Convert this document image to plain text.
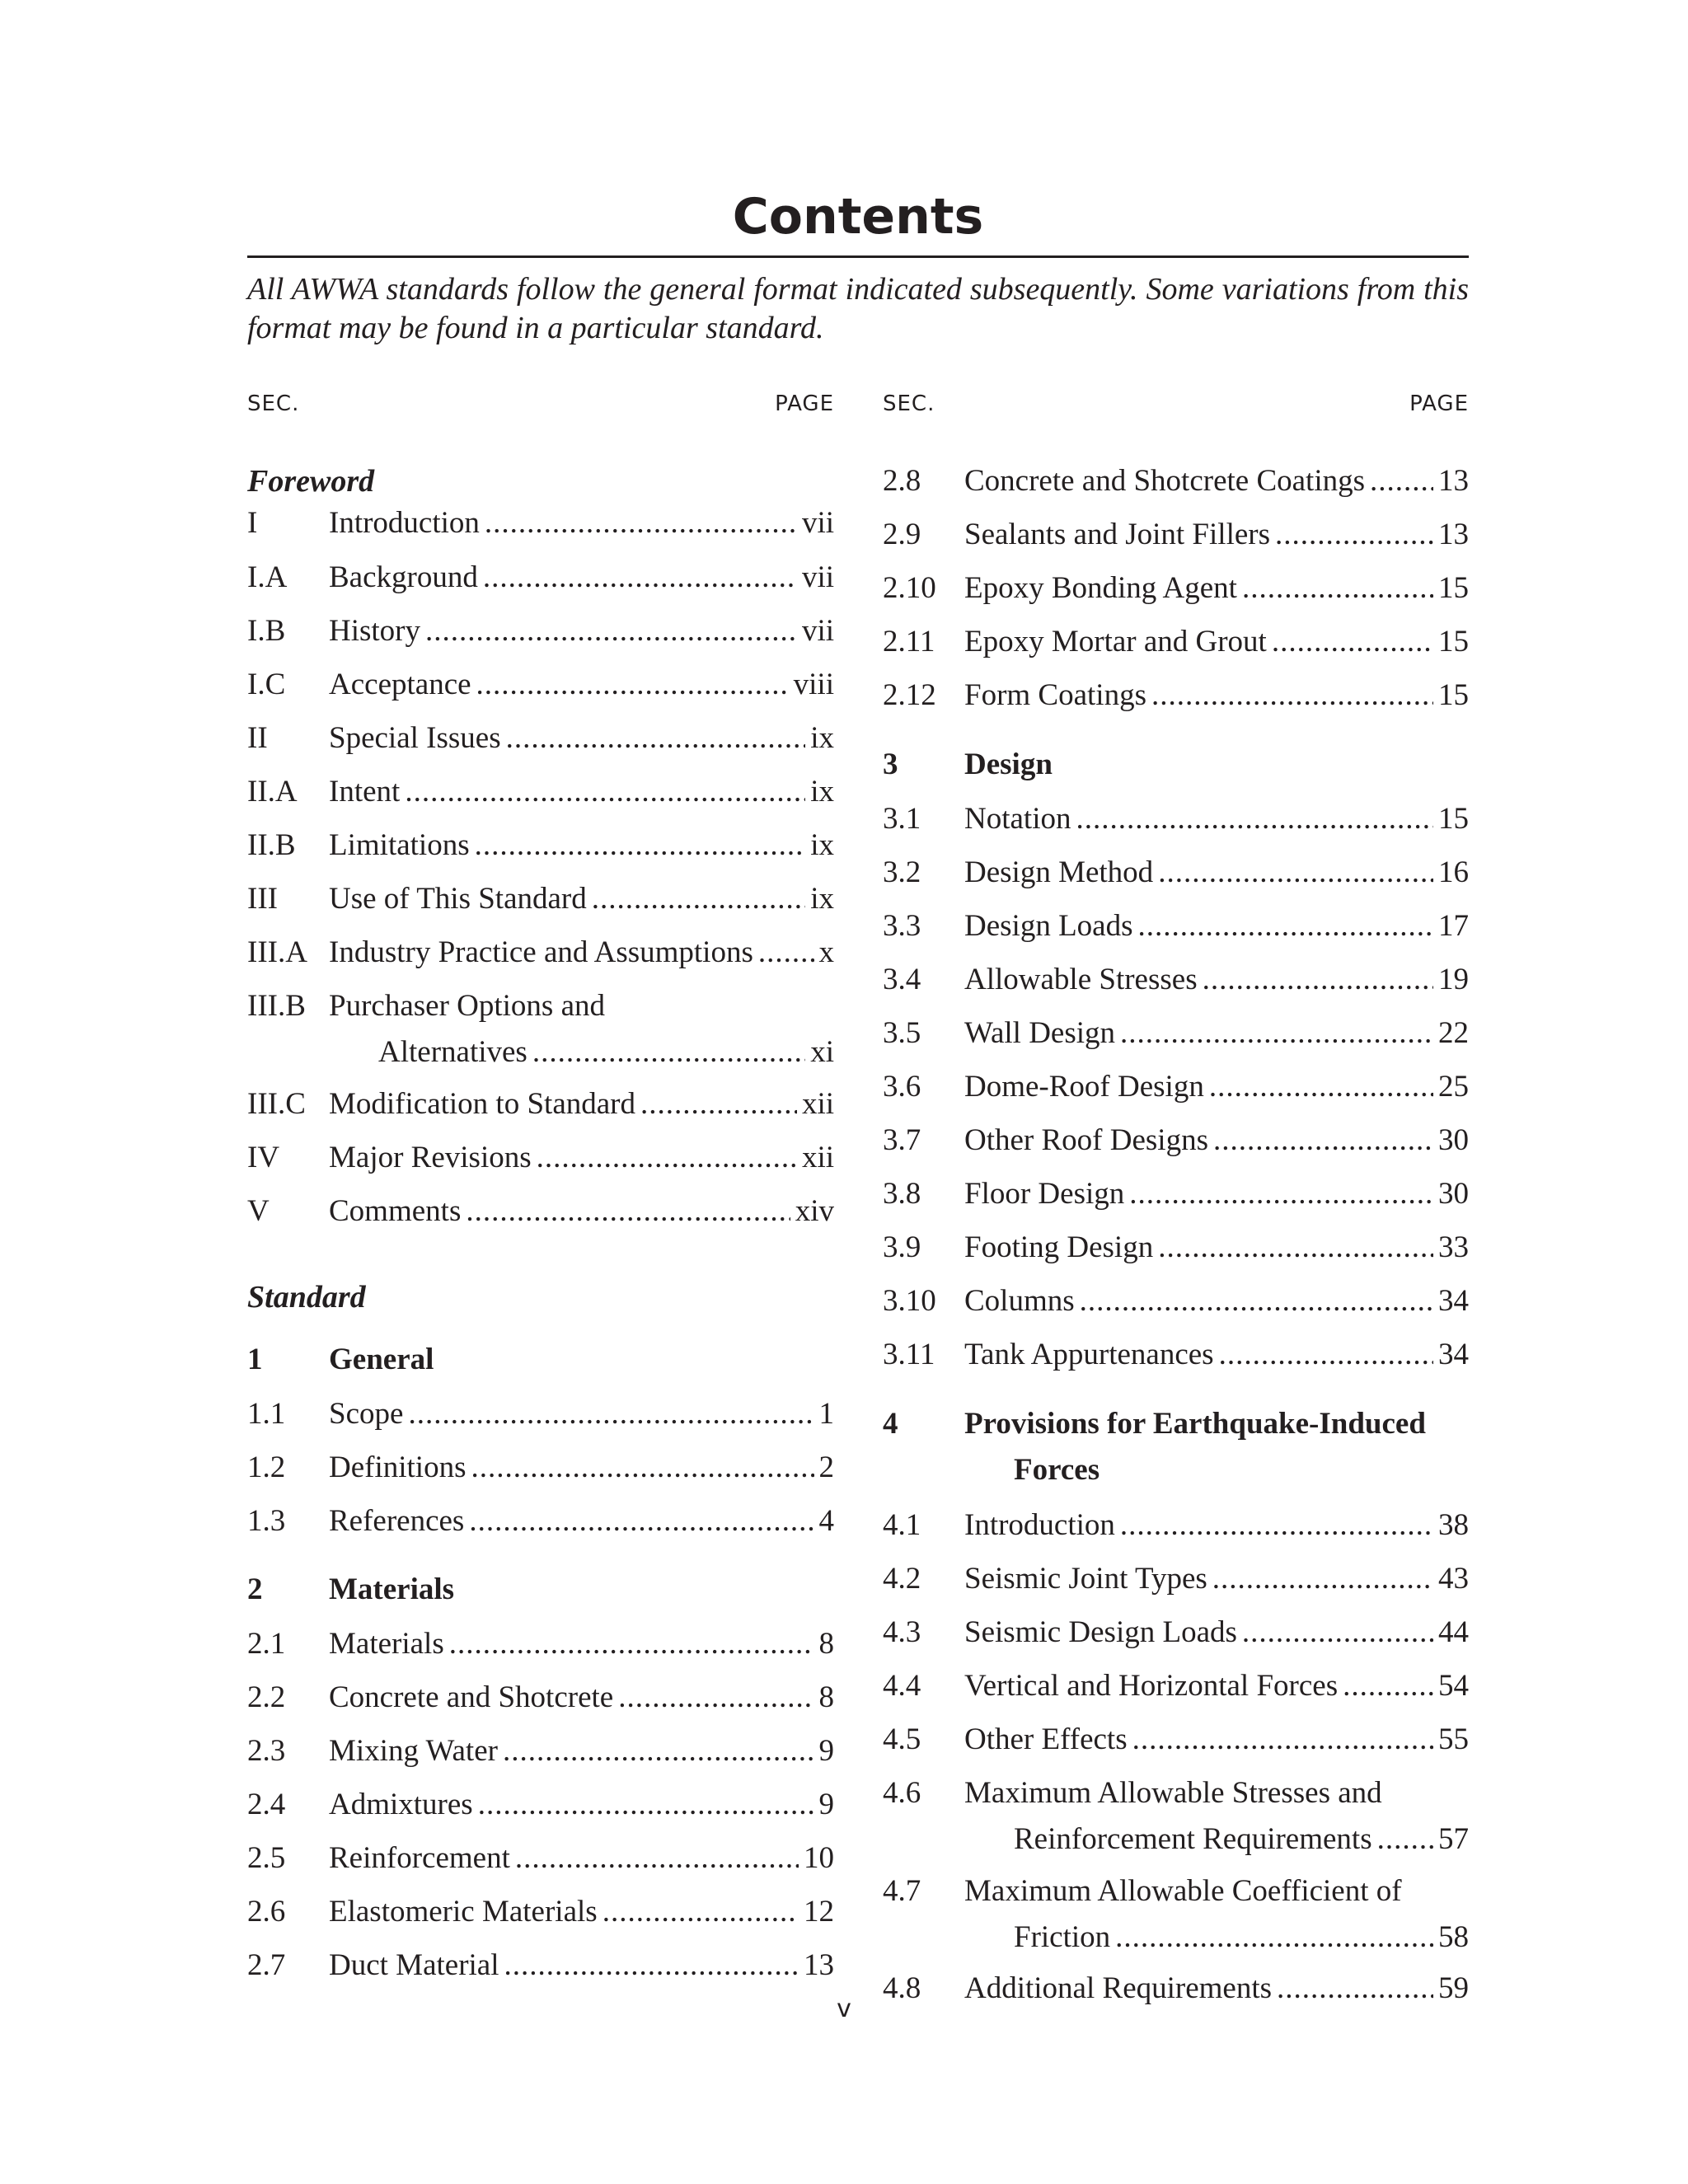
Contents
All AWWA standards follow the general format indicated subsequently. Some variations from this format may be found in a particular standard.
SEC.	PAGE
Foreword
I	Introduction .....	vii
I.A	Background .....	vii
I.B	History .....	vii
I.C	Acceptance .....	viii
II	Special Issues .....	ix
II.A	Intent .....	ix
II.B	Limitations .....	ix
III	Use of This Standard .....	ix
III.A Industry Practice and Assumptions ..... x
III.B Purchaser Options and
Alternatives .....	xi
III.C Modification to Standard .....	xii
IV	Major Revisions .....	xii
V	Comments .....	xiv
Standard
1	General
1.1	Scope .....	1
1.2	Definitions .....	2
1.3	References .....	4
2	Materials
2.1	Materials .....	8
2.2	Concrete and Shotcrete .....	8
2.3	Mixing Water .....	9
2.4	Admixtures .....	9
2.5	Reinforcement .....	10
2.6	Elastomeric Materials .....	12
2.7	Duct Material .....	13
SEC.	PAGE
2.8	Concrete and Shotcrete Coatings ..... 13
2.9	Sealants and Joint Fillers .....	13
2.10 Epoxy Bonding Agent .....	15
2.11 Epoxy Mortar and Grout .....	15
2.12 Form Coatings .....	15
3	Design
3.1	Notation .....	15
3.2	Design Method .....	16
3.3	Design Loads .....	17
3.4	Allowable Stresses .....	19
3.5	Wall Design .....	22
3.6	Dome-Roof Design .....	25
3.7	Other Roof Designs .....	30
3.8	Floor Design .....	30
3.9	Footing Design .....	33
3.10 Columns .....	34
3.11 Tank Appurtenances .....	34
4	Provisions for Earthquake-Induced
Forces
4.1	Introduction .....	38
4.2	Seismic Joint Types .....	43
4.3	Seismic Design Loads .....	44
4.4	Vertical and Horizontal Forces .....	54
4.5	Other Effects .....	55
4.6	Maximum Allowable Stresses and
Reinforcement Requirements ..... 57
4.7	Maximum Allowable Coefficient of
Friction .....	58
4.8	Additional Requirements .....	59
v
